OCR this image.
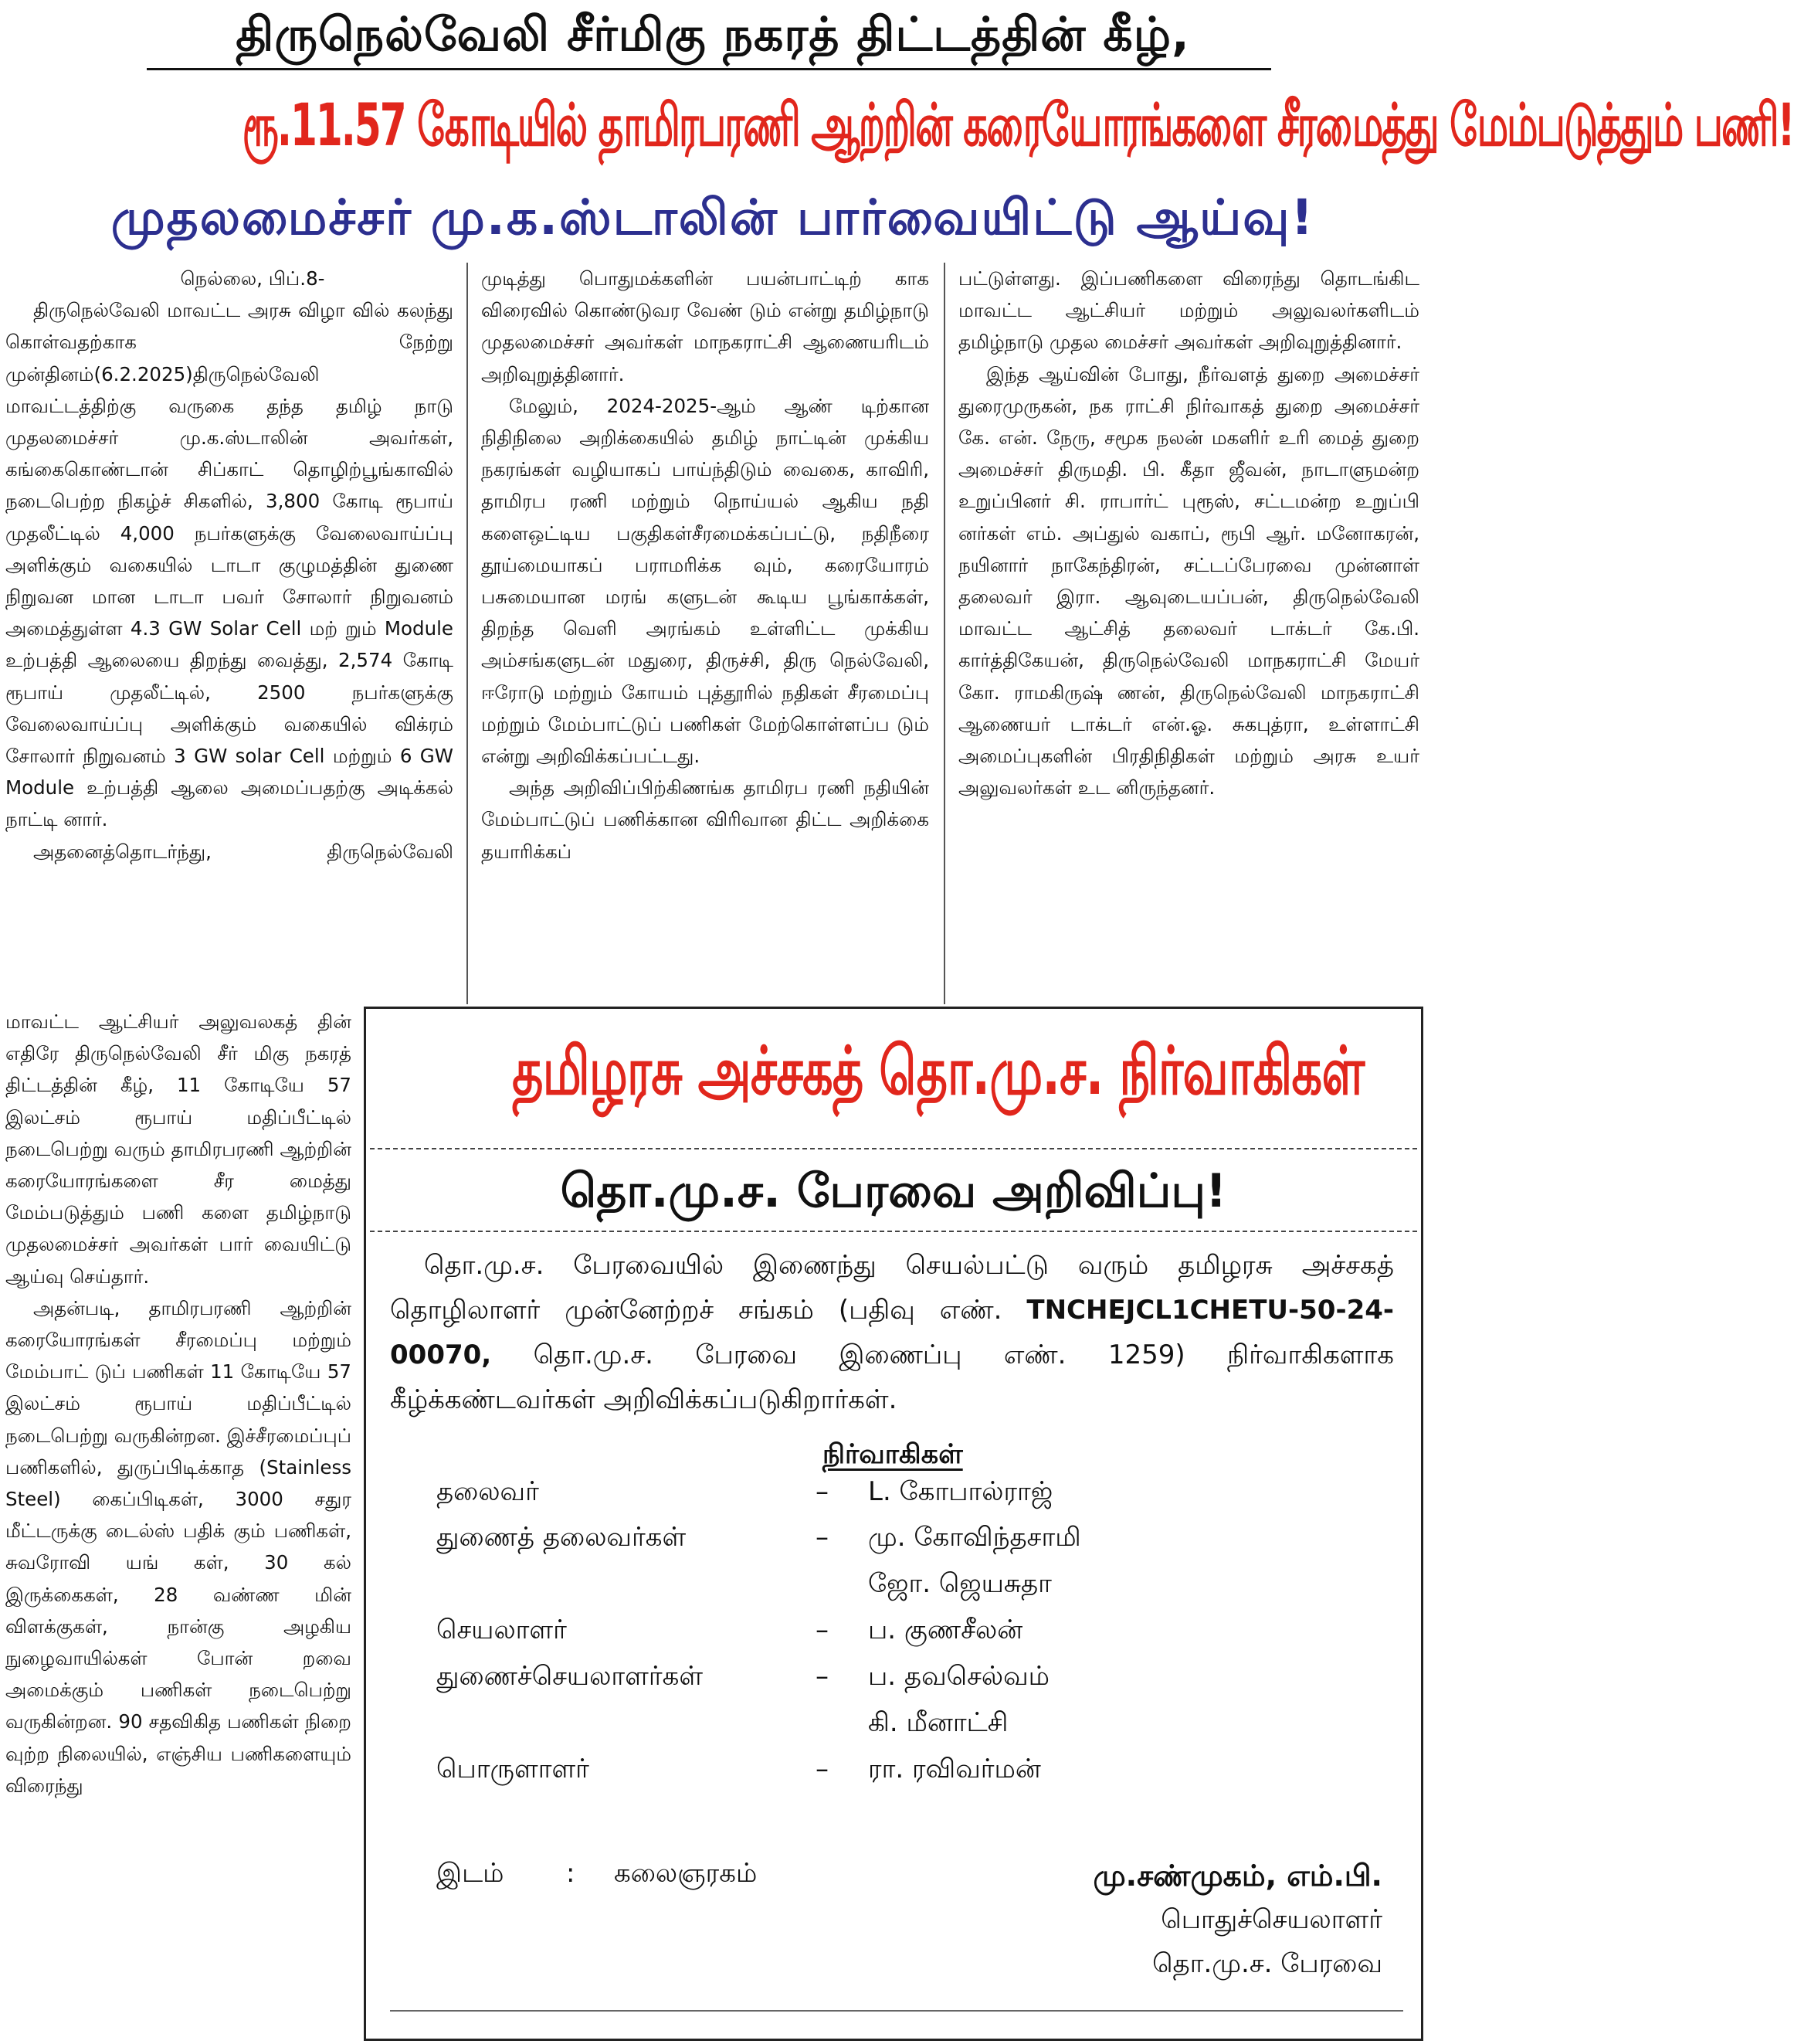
திருநெல்வேலி சீர்மிகு நகரத் திட்டத்தின் கீழ்,
ரூ.11.57 கோடியில் தாமிரபரணி ஆற்றின் கரையோரங்களை சீரமைத்து மேம்படுத்தும் பணி!
முதலமைச்சர் மு.க.ஸ்டாலின் பார்வையிட்டு ஆய்வு!

நெல்லை, பிப்.8-

திருநெல்வேலி மாவட்ட அரசு விழா வில் கலந்து கொள்வதற்காக நேற்று முன்தினம்(6.2.2025)திருநெல்வேலி மாவட்டத்திற்கு வருகை தந்த தமிழ் நாடு முதலமைச்சர் மு.க.ஸ்டாலின் அவர்கள், கங்கைகொண்டான் சிப்காட் தொழிற்பூங்காவில் நடைபெற்ற நிகழ்ச் சிகளில், 3,800 கோடி ரூபாய் முதலீட்டில் 4,000 நபர்களுக்கு வேலைவாய்ப்பு அளிக்கும் வகையில் டாடா குழுமத்தின் துணை நிறுவன மான டாடா பவர் சோலார் நிறுவனம் அமைத்துள்ள 4.3 GW Solar Cell மற் றும் Module உற்பத்தி ஆலையை திறந்து வைத்து, 2,574 கோடி ரூபாய் முதலீட்டில், 2500 நபர்களுக்கு வேலைவாய்ப்பு அளிக்கும் வகையில் விக்ரம் சோலார் நிறுவனம் 3 GW solar Cell மற்றும் 6 GW Module உற்பத்தி ஆலை அமைப்பதற்கு அடிக்கல் நாட்டி னார்.

அதனைத்தொடர்ந்து, திருநெல்வேலி

முடித்து பொதுமக்களின் பயன்பாட்டிற் காக விரைவில் கொண்டுவர வேண் டும் என்று தமிழ்நாடு முதலமைச்சர் அவர்கள் மாநகராட்சி ஆணையரிடம் அறிவுறுத்தினார்.

மேலும், 2024-2025-ஆம் ஆண் டிற்கான நிதிநிலை அறிக்கையில் தமிழ் நாட்டின் முக்கிய நகரங்கள் வழியாகப் பாய்ந்திடும் வைகை, காவிரி, தாமிரப ரணி மற்றும் நொய்யல் ஆகிய நதி களைஒட்டிய பகுதிகள்சீரமைக்கப்பட்டு, நதிநீரை தூய்மையாகப் பராமரிக்க வும், கரையோரம் பசுமையான மரங் களுடன் கூடிய பூங்காக்கள், திறந்த வெளி அரங்கம் உள்ளிட்ட முக்கிய அம்சங்களுடன் மதுரை, திருச்சி, திரு நெல்வேலி, ஈரோடு மற்றும் கோயம் புத்தூரில் நதிகள் சீரமைப்பு மற்றும் மேம்பாட்டுப் பணிகள் மேற்கொள்ளப்ப டும் என்று அறிவிக்கப்பட்டது.

அந்த அறிவிப்பிற்கிணங்க தாமிரப ரணி நதியின் மேம்பாட்டுப் பணிக்கான விரிவான திட்ட அறிக்கை தயாரிக்கப்

பட்டுள்ளது. இப்பணிகளை விரைந்து தொடங்கிட மாவட்ட ஆட்சியர் மற்றும் அலுவலர்களிடம் தமிழ்நாடு முதல மைச்சர் அவர்கள் அறிவுறுத்தினார்.

இந்த ஆய்வின் போது, நீர்வளத் துறை அமைச்சர் துரைமுருகன், நக ராட்சி நிர்வாகத் துறை அமைச்சர் கே. என். நேரு, சமூக நலன் மகளிர் உரி மைத் துறை அமைச்சர் திருமதி. பி. கீதா ஜீவன், நாடாளுமன்ற உறுப்பினர் சி. ராபார்ட் புரூஸ், சட்டமன்ற உறுப்பி னர்கள் எம். அப்துல் வகாப், ரூபி ஆர். மனோகரன், நயினார் நாகேந்திரன், சட்டப்பேரவை முன்னாள் தலைவர் இரா. ஆவுடையப்பன், திருநெல்வேலி மாவட்ட ஆட்சித் தலைவர் டாக்டர் கே.பி. கார்த்திகேயன், திருநெல்வேலி மாநகராட்சி மேயர் கோ. ராமகிருஷ் ணன், திருநெல்வேலி மாநகராட்சி ஆணையர் டாக்டர் என்.ஓ. சுகபுத்ரா, உள்ளாட்சி அமைப்புகளின் பிரதிநிதிகள் மற்றும் அரசு உயர் அலுவலர்கள் உட னிருந்தனர்.

மாவட்ட ஆட்சியர் அலுவலகத் தின் எதிரே திருநெல்வேலி சீர் மிகு நகரத் திட்டத்தின் கீழ், 11 கோடியே 57 இலட்சம் ரூபாய் மதிப்பீட்டில் நடைபெற்று வரும் தாமிரபரணி ஆற்றின் கரையோரங்களை சீர மைத்து மேம்படுத்தும் பணி களை தமிழ்நாடு முதலமைச்சர் அவர்கள் பார் வையிட்டு ஆய்வு செய்தார்.

அதன்படி, தாமிரபரணி ஆற்றின் கரையோரங்கள் சீரமைப்பு மற்றும் மேம்பாட் டுப் பணிகள் 11 கோடியே 57 இலட்சம் ரூபாய் மதிப்பீட்டில் நடைபெற்று வருகின்றன. இச்சீரமைப்புப் பணிகளில், துருப்பிடிக்காத (Stainless Steel) கைப்பிடிகள், 3000 சதுர மீட்டருக்கு டைல்ஸ் பதிக் கும் பணிகள், சுவரோவி யங் கள், 30 கல் இருக்கைகள், 28 வண்ண மின் விளக்குகள், நான்கு அழகிய நுழைவாயில்கள் போன் றவை அமைக்கும் பணிகள் நடைபெற்று வருகின்றன. 90 சதவிகித பணிகள் நிறை வுற்ற நிலையில், எஞ்சிய பணிகளையும் விரைந்து

தமிழரசு அச்சகத் தொ.மு.ச. நிர்வாகிகள்
தொ.மு.ச. பேரவை அறிவிப்பு!
தொ.மு.ச. பேரவையில் இணைந்து செயல்பட்டு வரும் தமிழரசு அச்சகத் தொழிலாளர் முன்னேற்றச் சங்கம் (பதிவு எண். TNCHEJCL1CHETU-50-24-00070, தொ.மு.ச. பேரவை இணைப்பு எண். 1259) நிர்வாகிகளாக கீழ்க்கண்டவர்கள் அறிவிக்கப்படுகிறார்கள்.
நிர்வாகிகள்
தலைவர்	– L. கோபால்ராஜ்
துணைத் தலைவர்கள்	– மு. கோவிந்தசாமி
ஜோ. ஜெயசுதா
செயலாளர்	– ப. குணசீலன்
துணைச்செயலாளர்கள்	– ப. தவசெல்வம்
கி. மீனாட்சி
பொருளாளர்	– ரா. ரவிவர்மன்
இடம் : கலைஞரகம்	மு.சண்முகம், எம்.பி.
பொதுச்செயலாளர்
தொ.மு.ச. பேரவை
